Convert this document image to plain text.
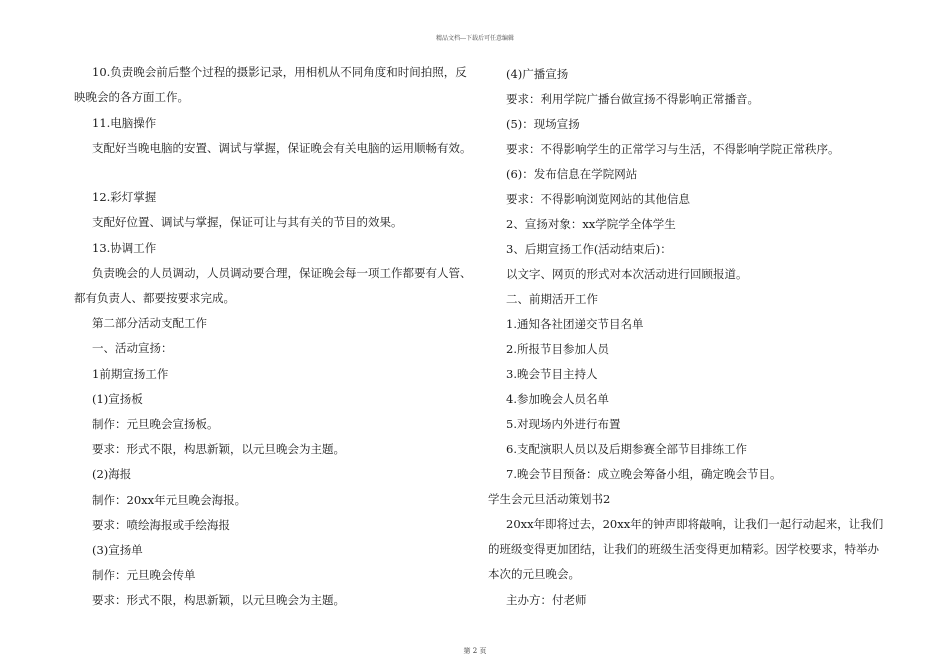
精品文档---下载后可任意编辑
10.负责晚会前后整个过程的摄影记录，用相机从不同角度和时间拍照，反
映晚会的各方面工作。
11.电脑操作
支配好当晚电脑的安置、调试与掌握，保证晚会有关电脑的运用顺畅有效。
12.彩灯掌握
支配好位置、调试与掌握，保证可让与其有关的节目的效果。
13.协调工作
负责晚会的人员调动，人员调动要合理，保证晚会每一项工作都要有人管、
都有负责人、都要按要求完成。
第二部分活动支配工作
一、活动宣扬：
1前期宣扬工作
(1)宣扬板
制作：元旦晚会宣扬板。
要求：形式不限，构思新颖，以元旦晚会为主题。
(2)海报
制作：20xx年元旦晚会海报。
要求：喷绘海报或手绘海报
(3)宣扬单
制作：元旦晚会传单
要求：形式不限，构思新颖，以元旦晚会为主题。
(4)广播宣扬
要求：利用学院广播台做宣扬不得影响正常播音。
(5)：现场宣扬
要求：不得影响学生的正常学习与生活，不得影响学院正常秩序。
(6)：发布信息在学院网站
要求：不得影响浏览网站的其他信息
2、宣扬对象：xx学院学全体学生
3、后期宣扬工作(活动结束后)：
以文字、网页的形式对本次活动进行回顾报道。
二、前期活开工作
1.通知各社团递交节目名单
2.所报节目参加人员
3.晚会节目主持人
4.参加晚会人员名单
5.对现场内外进行布置
6.支配演职人员以及后期参赛全部节目排练工作
7.晚会节目预备：成立晚会筹备小组，确定晚会节目。
学生会元旦活动策划书2
20xx年即将过去，20xx年的钟声即将敲响，让我们一起行动起来，让我们
的班级变得更加团结，让我们的班级生活变得更加精彩。因学校要求，特举办
本次的元旦晚会。
主办方：付老师
第 2 页
